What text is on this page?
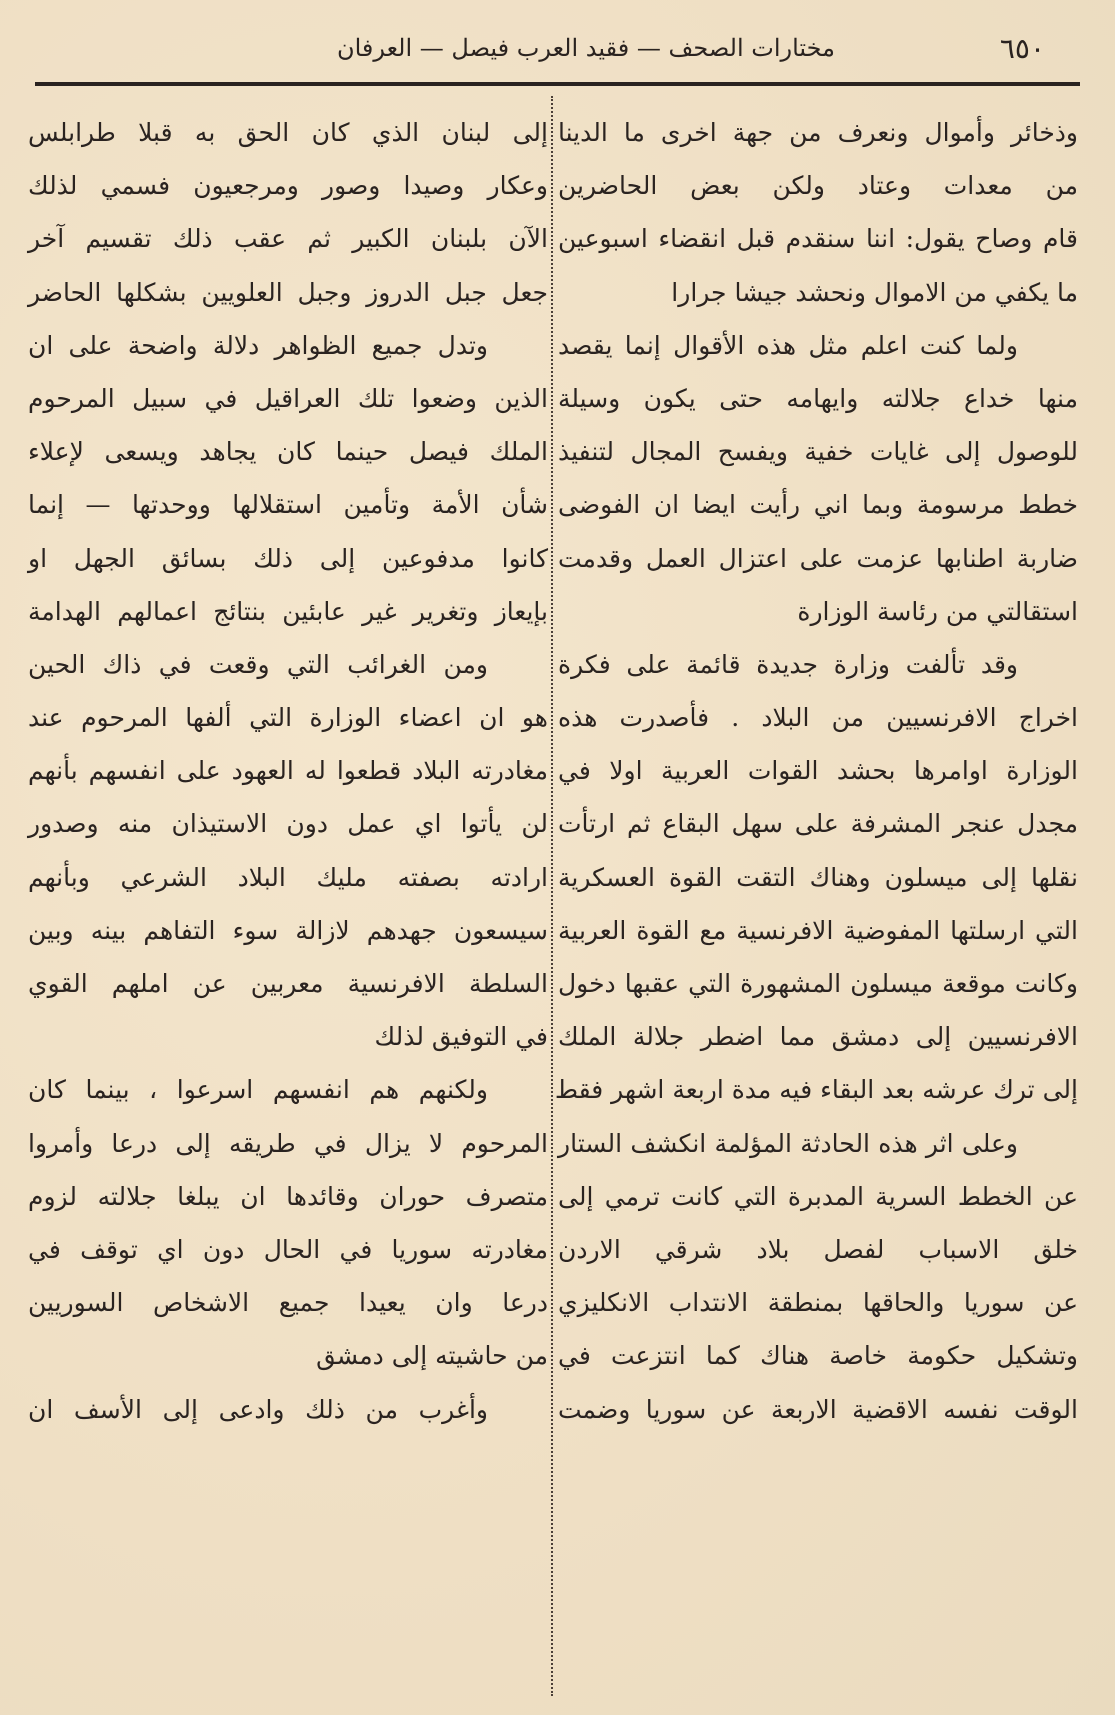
٦٥٠
مختارات الصحف — فقيد العرب فيصل — العرفان
وذخائر وأموال ونعرف من جهة اخرى ما الدينا
من معدات وعتاد ولكن بعض الحاضرين
قام وصاح يقول: اننا سنقدم قبل انقضاء اسبوعين
ما يكفي من الاموال ونحشد جيشا جرارا
ولما كنت اعلم مثل هذه الأقوال إنما يقصد
منها خداع جلالته وايهامه حتى يكون وسيلة
للوصول إلى غايات خفية ويفسح المجال لتنفيذ
خطط مرسومة وبما اني رأيت ايضا ان الفوضى
ضاربة اطنابها عزمت على اعتزال العمل وقدمت
استقالتي من رئاسة الوزارة
وقد تألفت وزارة جديدة قائمة على فكرة
اخراج الافرنسيين من البلاد . فأصدرت هذه
الوزارة اوامرها بحشد القوات العربية اولا في
مجدل عنجر المشرفة على سهل البقاع ثم ارتأت
نقلها إلى ميسلون وهناك التقت القوة العسكرية
التي ارسلتها المفوضية الافرنسية مع القوة العربية
وكانت موقعة ميسلون المشهورة التي عقبها دخول
الافرنسيين إلى دمشق مما اضطر جلالة الملك
إلى ترك عرشه بعد البقاء فيه مدة اربعة اشهر فقط
وعلى اثر هذه الحادثة المؤلمة انكشف الستار
عن الخطط السرية المدبرة التي كانت ترمي إلى
خلق الاسباب لفصل بلاد شرقي الاردن
عن سوريا والحاقها بمنطقة الانتداب الانكليزي
وتشكيل حكومة خاصة هناك كما انتزعت في
الوقت نفسه الاقضية الاربعة عن سوريا وضمت
إلى لبنان الذي كان الحق به قبلا طرابلس
وعكار وصيدا وصور ومرجعيون فسمي لذلك
الآن بلبنان الكبير ثم عقب ذلك تقسيم آخر
جعل جبل الدروز وجبل العلويين بشكلها الحاضر
وتدل جميع الظواهر دلالة واضحة على ان
الذين وضعوا تلك العراقيل في سبيل المرحوم
الملك فيصل حينما كان يجاهد ويسعى لإعلاء
شأن الأمة وتأمين استقلالها ووحدتها — إنما
كانوا مدفوعين إلى ذلك بسائق الجهل او
بإيعاز وتغرير غير عابئين بنتائج اعمالهم الهدامة
ومن الغرائب التي وقعت في ذاك الحين
هو ان اعضاء الوزارة التي ألفها المرحوم عند
مغادرته البلاد قطعوا له العهود على انفسهم بأنهم
لن يأتوا اي عمل دون الاستيذان منه وصدور
ارادته بصفته مليك البلاد الشرعي وبأنهم
سيسعون جهدهم لازالة سوء التفاهم بينه وبين
السلطة الافرنسية معربين عن املهم القوي
في التوفيق لذلك
ولكنهم هم انفسهم اسرعوا ، بينما كان
المرحوم لا يزال في طريقه إلى درعا وأمروا
متصرف حوران وقائدها ان يبلغا جلالته لزوم
مغادرته سوريا في الحال دون اي توقف في
درعا وان يعيدا جميع الاشخاص السوريين
من حاشيته إلى دمشق
وأغرب من ذلك وادعى إلى الأسف ان
